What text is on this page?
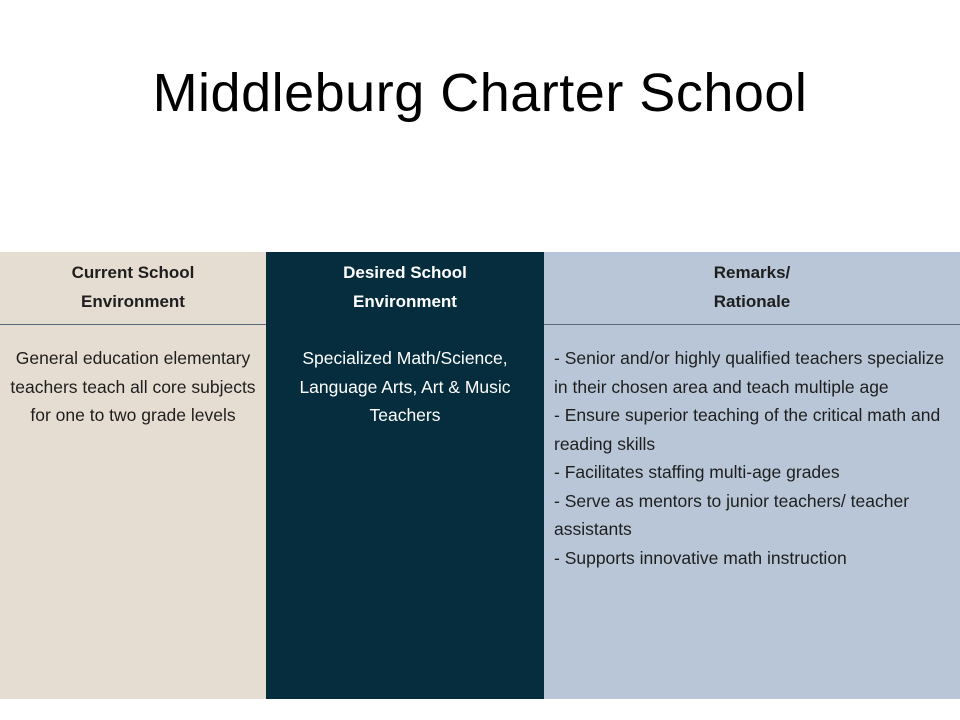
Middleburg Charter School
Current School
Environment
General education elementary teachers teach all core subjects for one to two grade levels
Desired School
Environment
Specialized Math/Science, Language Arts, Art & Music Teachers
Remarks/
Rationale
- Senior and/or highly qualified teachers specialize in their chosen area and teach multiple age
- Ensure superior teaching of the critical math and reading skills
- Facilitates staffing multi-age grades
- Serve as mentors to junior teachers/ teacher assistants
- Supports innovative math instruction
